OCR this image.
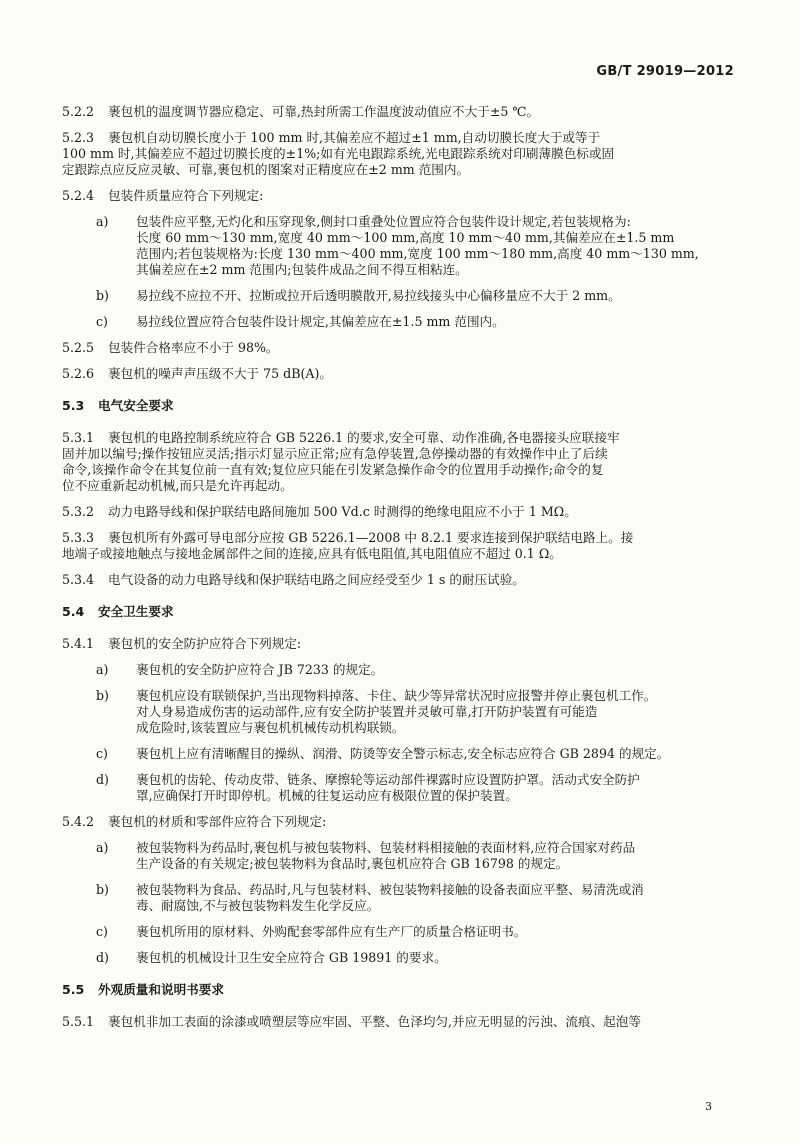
GB/T 29019—2012
5.2.2 裹包机的温度调节器应稳定、可靠,热封所需工作温度波动值应不大于±5 ℃。
5.2.3 裹包机自动切膜长度小于 100 mm 时,其偏差应不超过±1 mm,自动切膜长度大于或等于
100 mm 时,其偏差应不超过切膜长度的±1%;如有光电跟踪系统,光电跟踪系统对印刷薄膜色标或固
定跟踪点应反应灵敏、可靠,裹包机的图案对正精度应在±2 mm 范围内。
5.2.4 包装件质量应符合下列规定:
a)	包装件应平整,无灼化和压穿现象,侧封口重叠处位置应符合包装件设计规定,若包装规格为:
长度 60 mm～130 mm,宽度 40 mm～100 mm,高度 10 mm～40 mm,其偏差应在±1.5 mm
范围内;若包装规格为:长度 130 mm～400 mm,宽度 100 mm～180 mm,高度 40 mm～130 mm,
其偏差应在±2 mm 范围内;包装件成品之间不得互相粘连。
b)	易拉线不应拉不开、拉断或拉开后透明膜散开,易拉线接头中心偏移量应不大于 2 mm。
c)	易拉线位置应符合包装件设计规定,其偏差应在±1.5 mm 范围内。
5.2.5 包装件合格率应不小于 98%。
5.2.6 裹包机的噪声声压级不大于 75 dB(A)。
5.3 电气安全要求
5.3.1 裹包机的电路控制系统应符合 GB 5226.1 的要求,安全可靠、动作准确,各电器接头应联接牢
固并加以编号;操作按钮应灵活;指示灯显示应正常;应有急停装置,急停操动器的有效操作中止了后续
命令,该操作命令在其复位前一直有效;复位应只能在引发紧急操作命令的位置用手动操作;命令的复
位不应重新起动机械,而只是允许再起动。
5.3.2 动力电路导线和保护联结电路间施加 500 Vd.c 时测得的绝缘电阻应不小于 1 MΩ。
5.3.3 裹包机所有外露可导电部分应按 GB 5226.1—2008 中 8.2.1 要求连接到保护联结电路上。接
地端子或接地触点与接地金属部件之间的连接,应具有低电阻值,其电阻值应不超过 0.1 Ω。
5.3.4 电气设备的动力电路导线和保护联结电路之间应经受至少 1 s 的耐压试验。
5.4 安全卫生要求
5.4.1 裹包机的安全防护应符合下列规定:
a)	裹包机的安全防护应符合 JB 7233 的规定。
b)	裹包机应设有联锁保护,当出现物料掉落、卡住、缺少等异常状况时应报警并停止裹包机工作。
对人身易造成伤害的运动部件,应有安全防护装置并灵敏可靠,打开防护装置有可能造
成危险时,该装置应与裹包机机械传动机构联锁。
c)	裹包机上应有清晰醒目的操纵、润滑、防烫等安全警示标志,安全标志应符合 GB 2894 的规定。
d)	裹包机的齿轮、传动皮带、链条、摩擦轮等运动部件裸露时应设置防护罩。活动式安全防护
罩,应确保打开时即停机。机械的往复运动应有极限位置的保护装置。
5.4.2 裹包机的材质和零部件应符合下列规定:
a)	被包装物料为药品时,裹包机与被包装物料、包装材料相接触的表面材料,应符合国家对药品
生产设备的有关规定;被包装物料为食品时,裹包机应符合 GB 16798 的规定。
b)	被包装物料为食品、药品时,凡与包装材料、被包装物料接触的设备表面应平整、易清洗或消
毒、耐腐蚀,不与被包装物料发生化学反应。
c)	裹包机所用的原材料、外购配套零部件应有生产厂的质量合格证明书。
d)	裹包机的机械设计卫生安全应符合 GB 19891 的要求。
5.5 外观质量和说明书要求
5.5.1 裹包机非加工表面的涂漆或喷塑层等应牢固、平整、色泽均匀,并应无明显的污浊、流痕、起泡等
3
